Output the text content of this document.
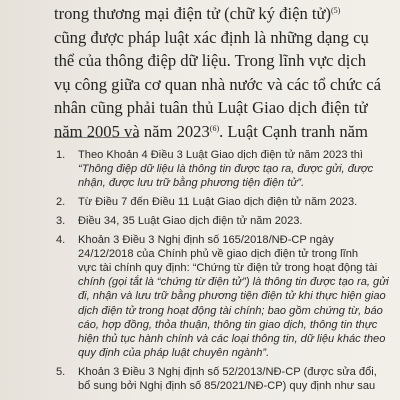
trong thương mại điện tử (chữ ký điện tử)$^{(5)}$
cũng được pháp luật xác định là những dạng cụ
thể của thông điệp dữ liệu. Trong lĩnh vực dịch
vụ công giữa cơ quan nhà nước và các tổ chức cá
nhân cũng phải tuân thủ Luật Giao dịch điện tử
năm 2005 và năm 2023$^{(6)}$. Luật Cạnh tranh năm
1. Theo Khoản 4 Điều 3 Luật Giao dịch điện tử năm 2023 thì
“Thông điệp dữ liệu là thông tin được tạo ra, được gửi, được
nhận, được lưu trữ bằng phương tiện điện tử”.
2. Từ Điều 7 đến Điều 11 Luật Giao dịch điện tử năm 2023.
3. Điều 34, 35 Luật Giao dịch điện tử năm 2023.
4. Khoản 3 Điều 3 Nghị định số 165/2018/NĐ-CP ngày
24/12/2018 của Chính phủ về giao dịch điện tử trong lĩnh
vực tài chính quy định: “Chứng từ điện tử trong hoạt động tài
chính (gọi tắt là “chứng từ điện tử”) là thông tin được tạo ra, gửi
đi, nhận và lưu trữ bằng phương tiện điện tử khi thực hiện giao
dịch điện tử trong hoạt động tài chính; bao gồm chứng từ, báo
cáo, hợp đồng, thỏa thuận, thông tin giao dịch, thông tin thực
hiện thủ tục hành chính và các loại thông tin, dữ liệu khác theo
quy định của pháp luật chuyên ngành”.
5. Khoản 3 Điều 3 Nghị định số 52/2013/NĐ-CP (được sửa đổi,
bổ sung bởi Nghị định số 85/2021/NĐ-CP) quy định như sau
